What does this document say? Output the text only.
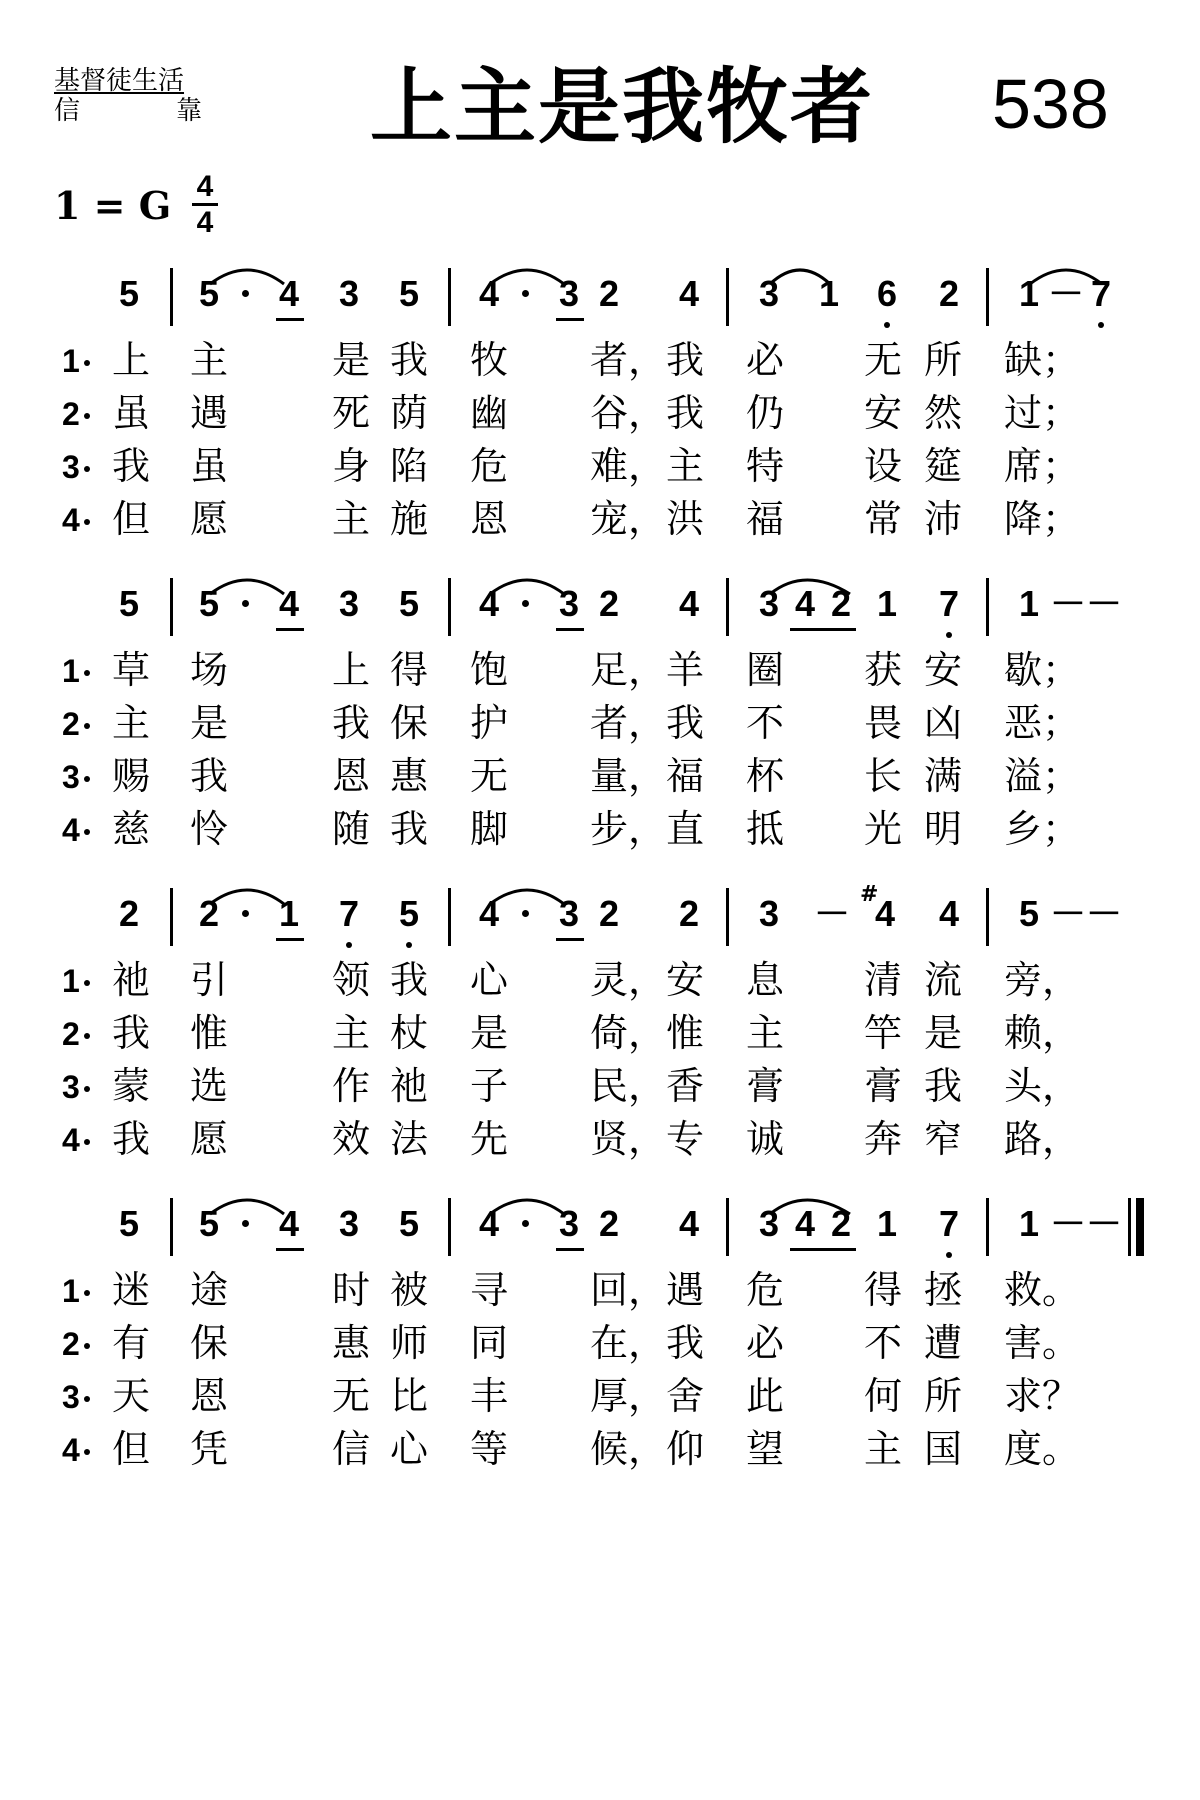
基督徒生活
信	靠 上主是我牧者 538
1 = G 4
4
5 5 4 3 5 4 3 2 4 3 1 6 2 1 － 7
1 上 主	是 我 牧 者， 我 必 无 所 缺；
2 虽 遇	死 荫 幽 谷， 我 仍 安 然 过；
3 我 虽	身 陷 危 难， 主 特 设 筵 席；
4 但 愿	主 施 恩 宠， 洪 福 常 沛 降；
5 5 4 3 5 4 3 2 4 3 4 2 1 7 1 － －
1 草 场	上 得 饱 足， 羊 圈 获 安 歇；
2 主 是	我 保 护 者， 我 不 畏 凶 恶；
3 赐 我	恩 惠 无 量， 福 杯 长 满 溢；
4 慈 怜	随 我 脚 步， 直 抵 光 明 乡；
2 2 1 7 5 4 3 2 2 3 － #
4 4 5 － －
1 祂 引	领 我 心 灵， 安 息 清 流 旁，
2 我 惟	主 杖 是 倚， 惟 主 竿 是 赖，
3 蒙 选	作 祂 子 民， 香 膏 膏 我 头，
4 我 愿	效 法 先 贤， 专 诚 奔 窄 路，
5 5 4 3 5 4 3 2 4 3 4 2 1 7 1 － －
1 迷 途	时 被 寻 回， 遇 危 得 拯 救。
2 有 保	惠 师 同 在， 我 必 不 遭 害。
3 天 恩	无 比 丰 厚， 舍 此 何 所 求？
4 但 凭	信 心 等 候， 仰 望 主 国 度。
